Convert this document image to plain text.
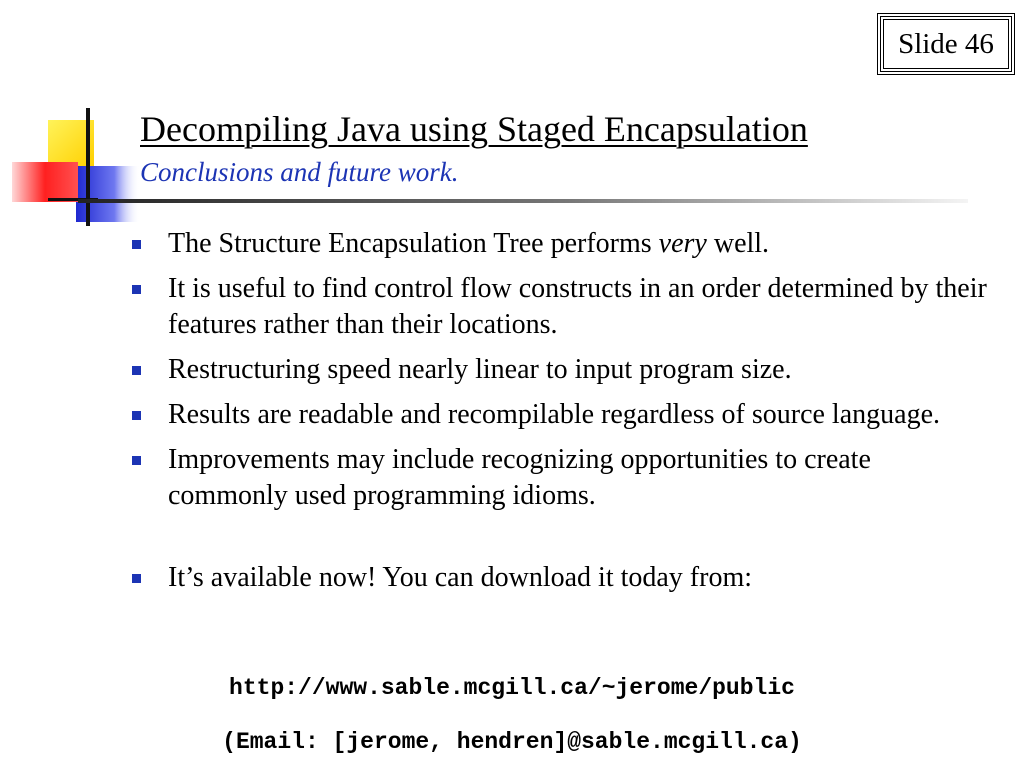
Slide 46
Decompiling Java using Staged Encapsulation
Conclusions and future work.
The Structure Encapsulation Tree performs very well.
It is useful to find control flow constructs in an order determined by their features rather than their locations.
Restructuring speed nearly linear to input program size.
Results are readable and recompilable regardless of source language.
Improvements may include recognizing opportunities to create commonly used programming idioms.
It’s available now! You can download it today from:
http://www.sable.mcgill.ca/~jerome/public
(Email: [jerome, hendren]@sable.mcgill.ca)
